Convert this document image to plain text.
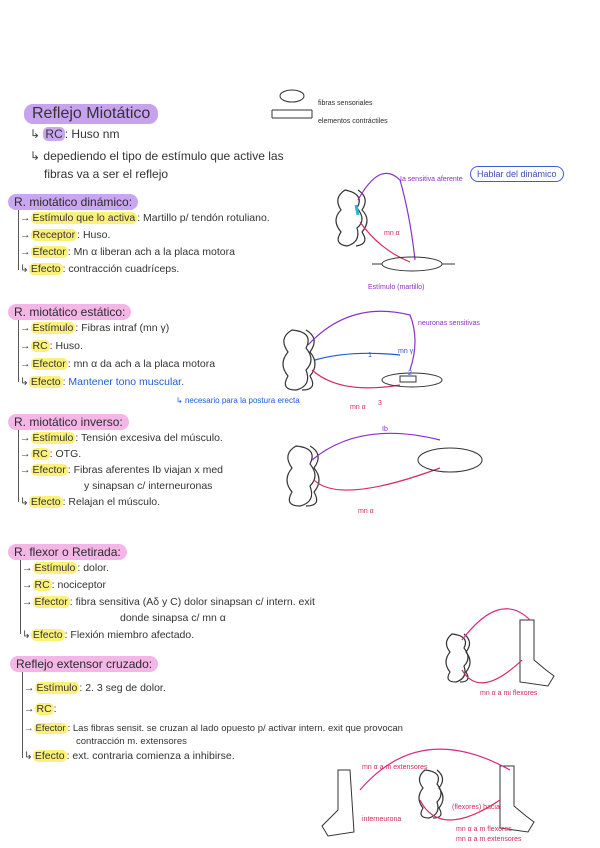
Reflejo Miotático
↳ RC : Huso nm
↳ depediendo el tipo de estímulo que active las
fibras va a ser el reflejo	Hablar del dinámico
fibras sensoriales
elementos contráctiles
R. miotático dinámico:
→ Estímulo que lo activa : Martillo p/ tendón rotuliano.
→ Receptor : Huso.
→ Efector : Mn α liberan ach a la placa motora
↳ Efecto : contracción cuadríceps.
R. miotático estático:
→ Estímulo : Fibras intraf (mn γ)
→ RC : Huso.
→ Efector : mn α da ach a la placa motora
↳ Efecto : Mantener tono muscular.
↳ necesario para la postura erecta
R. miotático inverso:
→ Estímulo : Tensión excesiva del músculo.
→ RC : OTG.
→ Efector : Fibras aferentes Ib viajan x med
y sinapsan c/ interneuronas
↳ Efecto : Relajan el músculo.
R. flexor o Retirada:
→ Estímulo : dolor.
→ RC : nociceptor
→ Efector : fibra sensitiva (Aδ y C) dolor sinapsan c/ intern. exit
donde sinapsa c/ mn α
↳ Efecto : Flexión miembro afectado.
Reflejo extensor cruzado:
→ Estímulo : 2. 3 seg de dolor.
→ RC :
→ Efector : Las fibras sensit. se cruzan al lado opuesto p/ activar intern. exit que provocan
contracción m. extensores
↳ Efecto : ext. contraria comienza a inhibirse.
Ia sensitiva aferente
mn α
Estímulo (martillo)
neuronas sensitivas
mn γ
mn α
1
2
3
Ib
mn α
mn α a mi flexores
mn α a m extensores
interneurona
(flexores) hacia
mn α a m flexores
mn α a m extensores
